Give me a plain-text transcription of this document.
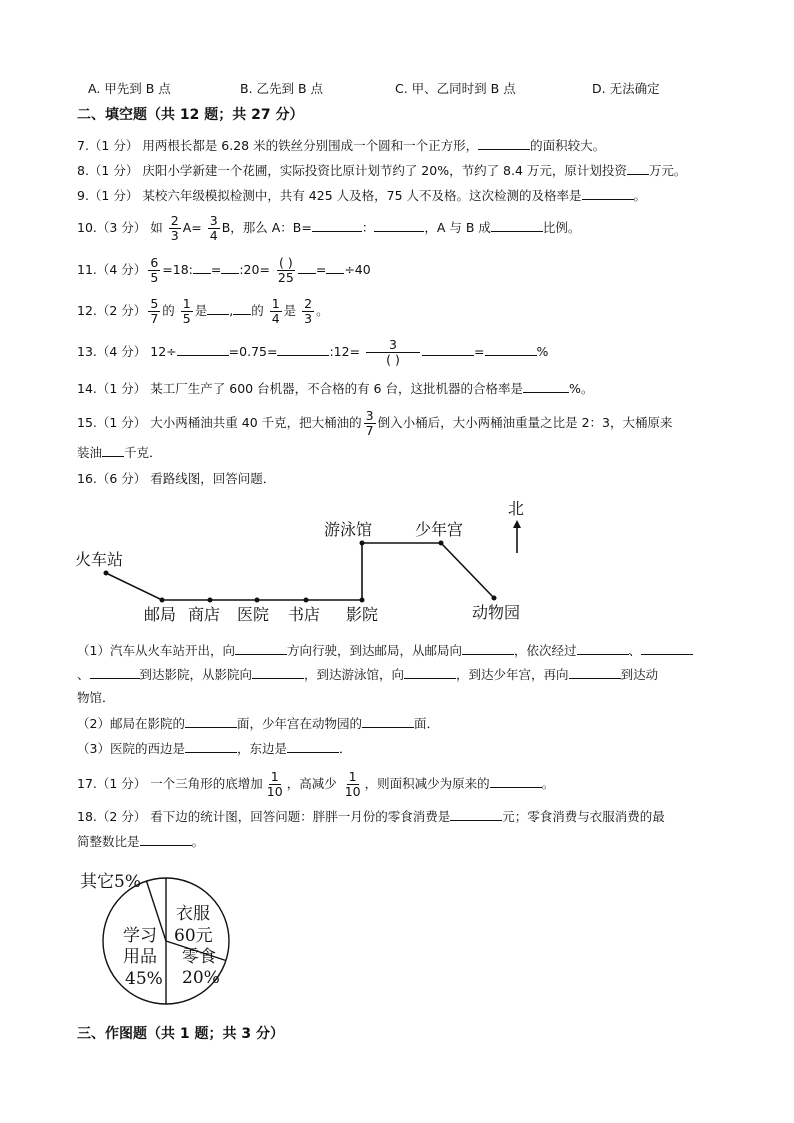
A. 甲先到 B 点	B. 乙先到 B 点	C. 甲、乙同时到 B 点	D. 无法确定
二、填空题（共 12 题；共 27 分）
7.（1 分） 用两根长都是 6.28 米的铁丝分别围成一个圆和一个正方形，	的面积较大。
8.（1 分） 庆阳小学新建一个花圃，实际投资比原计划节约了 20%，节约了 8.4 万元，原计划投资 万元。
9.（1 分） 某校六年级模拟检测中，共有 425 人及格，75 人不及格。这次检测的及格率是	。
10.（3 分） 如 $\frac{2}{3} A= \frac{3}{4}$ B，那么 A：B=	：	，A 与 B 成	比例。
11.（4 分） $\frac{6}{5} =18$: = :20= $\frac{( )}{25} = \div 40$
12.（2 分） $\frac{5}{7}$ 的 $\frac{1}{5}$ 是 , 的 $\frac{1}{4}$ 是 $\frac{2}{3}$ 。
13.（4 分） 12÷	=0.75=	:12= $\frac{3}{( )}$	=	%
14.（1 分） 某工厂生产了 600 台机器，不合格的有 6 台，这批机器的合格率是	%。
15.（1 分） 大小两桶油共重 40 千克，把大桶油的 $\frac{3}{7}$ 倒入小桶后，大小两桶油重量之比是 2：3，大桶原来
装油 千克．
16.（6 分） 看路线图，回答问题．
北
火车站
邮局 商店 医院 书店 影院
游泳馆	少年宫
动物园
（1）汽车从火车站开出，向	方向行驶，到达邮局，从邮局向	，依次经过	、
、	到达影院，从影院向	，到达游泳馆，向	，到达少年宫，再向	到达动
物馆．
（2）邮局在影院的	面，少年宫在动物园的	面．
（3）医院的西边是	，东边是	．
17.（1 分） 一个三角形的底增加 $\frac{1}{10}$ ，高减少 $\frac{1}{10}$ ，则面积减少为原来的	。
18.（2 分） 看下边的统计图，回答问题：胖胖一月份的零食消费是	元；零食消费与衣服消费的最
简整数比是	。
其它5%
衣服
60元
学习
用品
45%
零食
20%
三、作图题（共 1 题；共 3 分）
